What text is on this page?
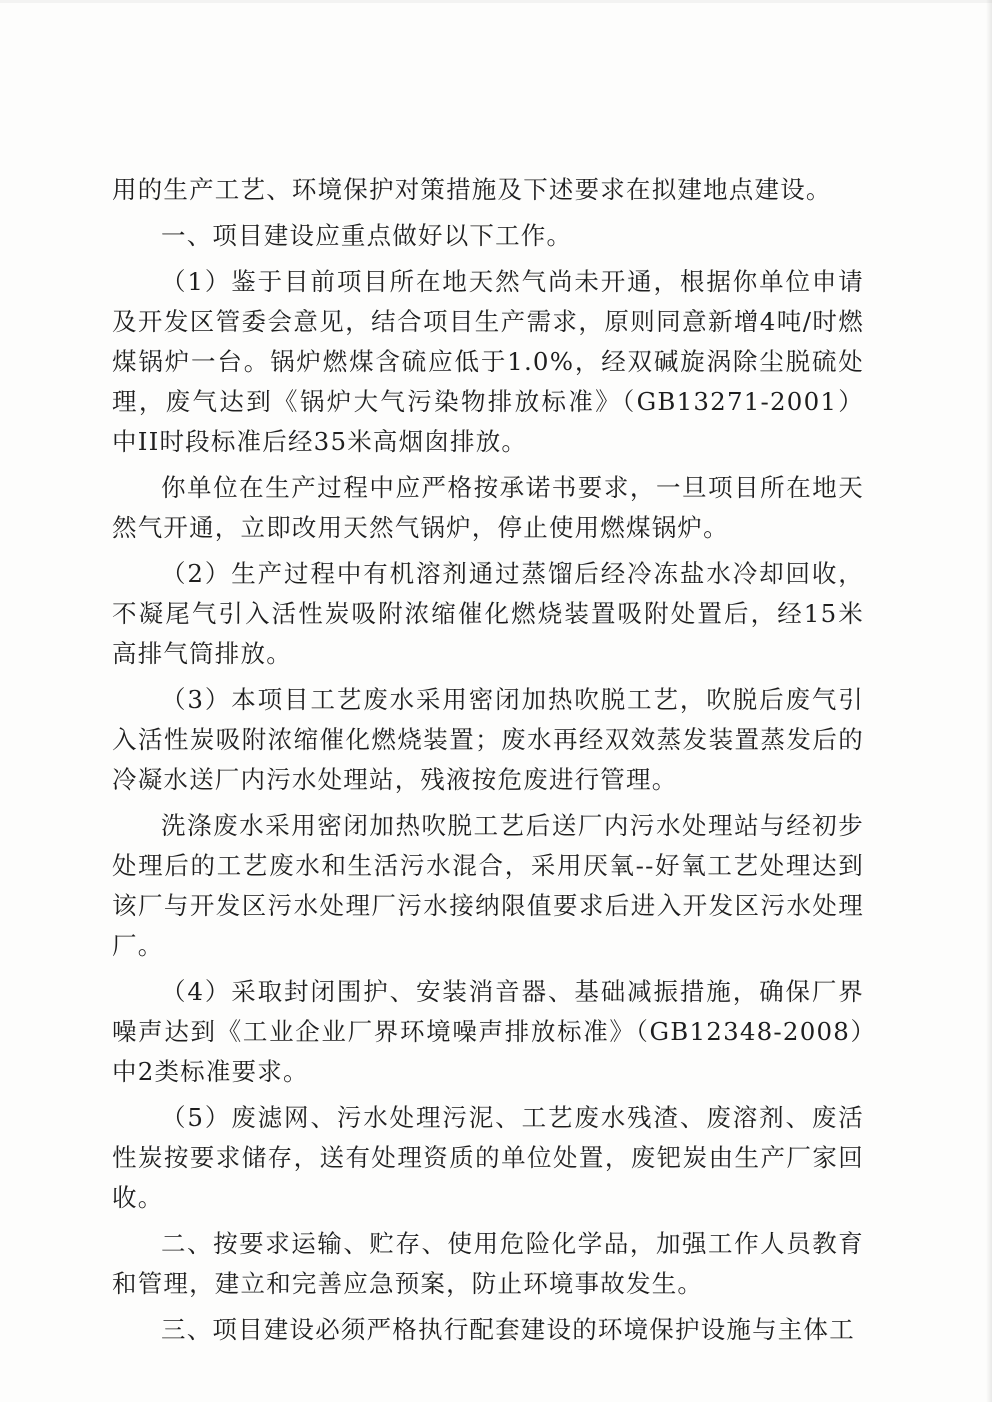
用的生产工艺、环境保护对策措施及下述要求在拟建地点建设。

一、项目建设应重点做好以下工作。

（1）鉴于目前项目所在地天然气尚未开通，根据你单位申请及开发区管委会意见，结合项目生产需求，原则同意新增4吨/时燃煤锅炉一台。锅炉燃煤含硫应低于1.0%，经双碱旋涡除尘脱硫处理，废气达到《锅炉大气污染物排放标准》（GB13271-2001）中II时段标准后经35米高烟囱排放。

你单位在生产过程中应严格按承诺书要求，一旦项目所在地天然气开通，立即改用天然气锅炉，停止使用燃煤锅炉。

（2）生产过程中有机溶剂通过蒸馏后经冷冻盐水冷却回收，不凝尾气引入活性炭吸附浓缩催化燃烧装置吸附处置后，经15米高排气筒排放。

（3）本项目工艺废水采用密闭加热吹脱工艺，吹脱后废气引入活性炭吸附浓缩催化燃烧装置；废水再经双效蒸发装置蒸发后的冷凝水送厂内污水处理站，残液按危废进行管理。

洗涤废水采用密闭加热吹脱工艺后送厂内污水处理站与经初步处理后的工艺废水和生活污水混合，采用厌氧--好氧工艺处理达到该厂与开发区污水处理厂污水接纳限值要求后进入开发区污水处理厂。

（4）采取封闭围护、安装消音器、基础减振措施，确保厂界噪声达到《工业企业厂界环境噪声排放标准》（GB12348-2008）中2类标准要求。

（5）废滤网、污水处理污泥、工艺废水残渣、废溶剂、废活性炭按要求储存，送有处理资质的单位处置，废钯炭由生产厂家回收。

二、按要求运输、贮存、使用危险化学品，加强工作人员教育和管理，建立和完善应急预案，防止环境事故发生。

三、项目建设必须严格执行配套建设的环境保护设施与主体工
